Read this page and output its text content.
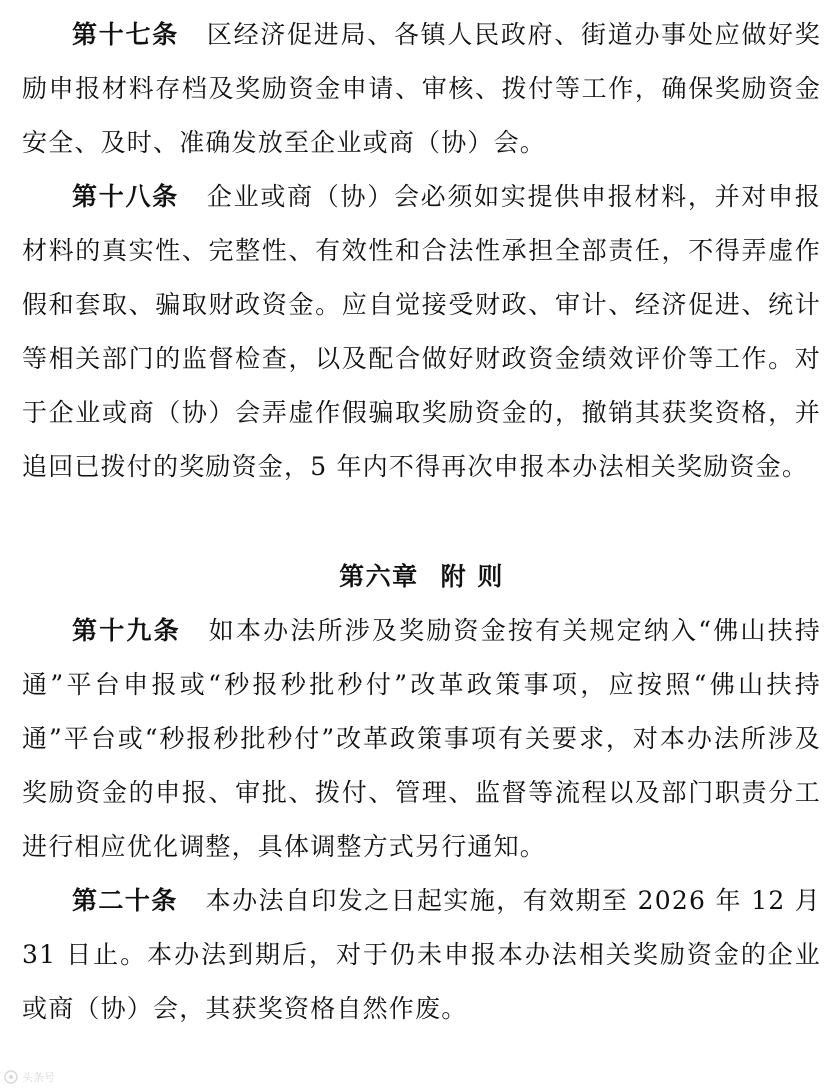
第十七条 区经济促进局、各镇人民政府、街道办事处应做好奖励申报材料存档及奖励资金申请、审核、拨付等工作，确保奖励资金安全、及时、准确发放至企业或商（协）会。

第十八条 企业或商（协）会必须如实提供申报材料，并对申报材料的真实性、完整性、有效性和合法性承担全部责任，不得弄虚作假和套取、骗取财政资金。应自觉接受财政、审计、经济促进、统计等相关部门的监督检查，以及配合做好财政资金绩效评价等工作。对于企业或商（协）会弄虚作假骗取奖励资金的，撤销其获奖资格，并追回已拨付的奖励资金，5 年内不得再次申报本办法相关奖励资金。

第六章 附 则

第十九条 如本办法所涉及奖励资金按有关规定纳入“佛山扶持通”平台申报或“秒报秒批秒付”改革政策事项，应按照“佛山扶持通”平台或“秒报秒批秒付”改革政策事项有关要求，对本办法所涉及奖励资金的申报、审批、拨付、管理、监督等流程以及部门职责分工进行相应优化调整，具体调整方式另行通知。

第二十条 本办法自印发之日起实施，有效期至 2026 年 12 月 31 日止。本办法到期后，对于仍未申报本办法相关奖励资金的企业或商（协）会，其获奖资格自然作废。

头条号
